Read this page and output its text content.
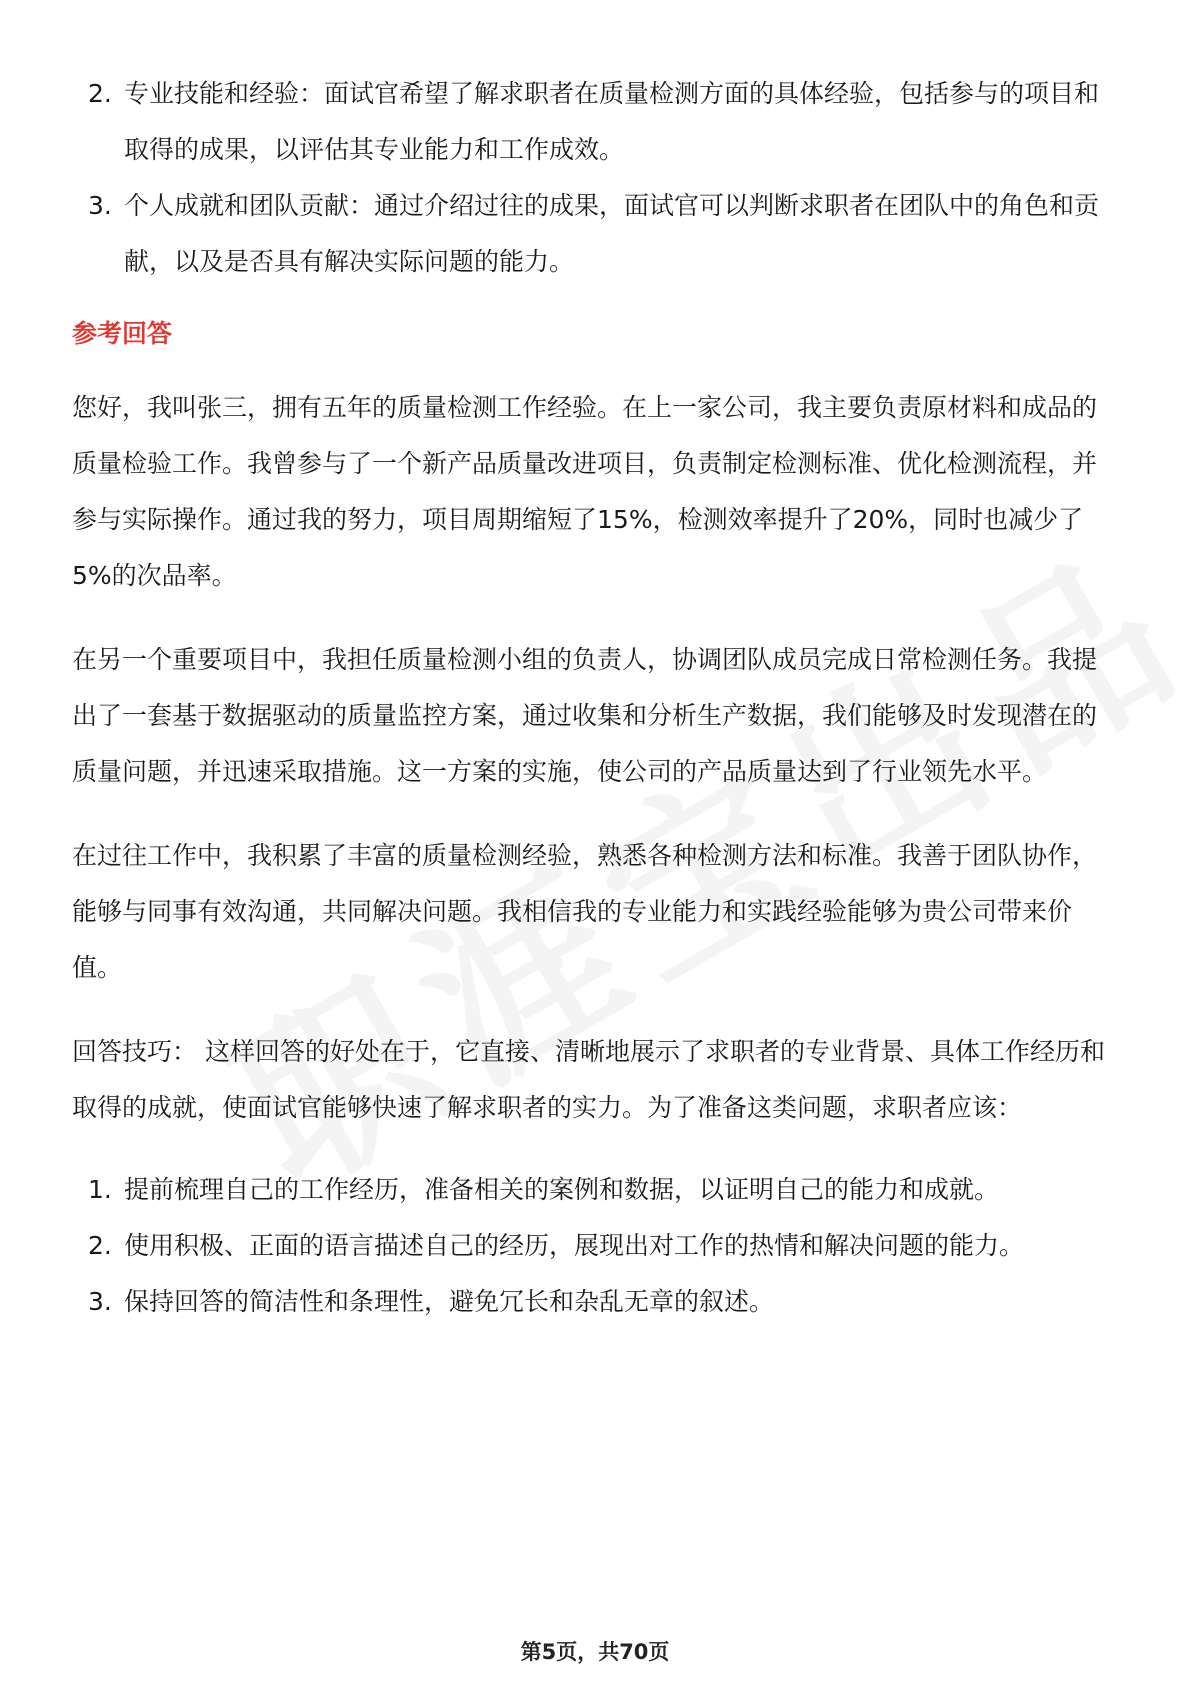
2. 专业技能和经验：面试官希望了解求职者在质量检测方面的具体经验，包括参与的项目和取得的成果，以评估其专业能力和工作成效。
3. 个人成就和团队贡献：通过介绍过往的成果，面试官可以判断求职者在团队中的角色和贡献，以及是否具有解决实际问题的能力。
参考回答

您好，我叫张三，拥有五年的质量检测工作经验。在上一家公司，我主要负责原材料和成品的质量检验工作。我曾参与了一个新产品质量改进项目，负责制定检测标准、优化检测流程，并参与实际操作。通过我的努力，项目周期缩短了15%，检测效率提升了20%，同时也减少了5%的次品率。

在另一个重要项目中，我担任质量检测小组的负责人，协调团队成员完成日常检测任务。我提出了一套基于数据驱动的质量监控方案，通过收集和分析生产数据，我们能够及时发现潜在的质量问题，并迅速采取措施。这一方案的实施，使公司的产品质量达到了行业领先水平。

在过往工作中，我积累了丰富的质量检测经验，熟悉各种检测方法和标准。我善于团队协作，能够与同事有效沟通，共同解决问题。我相信我的专业能力和实践经验能够为贵公司带来价值。

回答技巧： 这样回答的好处在于，它直接、清晰地展示了求职者的专业背景、具体工作经历和取得的成就，使面试官能够快速了解求职者的实力。为了准备这类问题，求职者应该：

1. 提前梳理自己的工作经历，准备相关的案例和数据，以证明自己的能力和成就。
2. 使用积极、正面的语言描述自己的经历，展现出对工作的热情和解决问题的能力。
3. 保持回答的简洁性和条理性，避免冗长和杂乱无章的叙述。
第5页，共70页
